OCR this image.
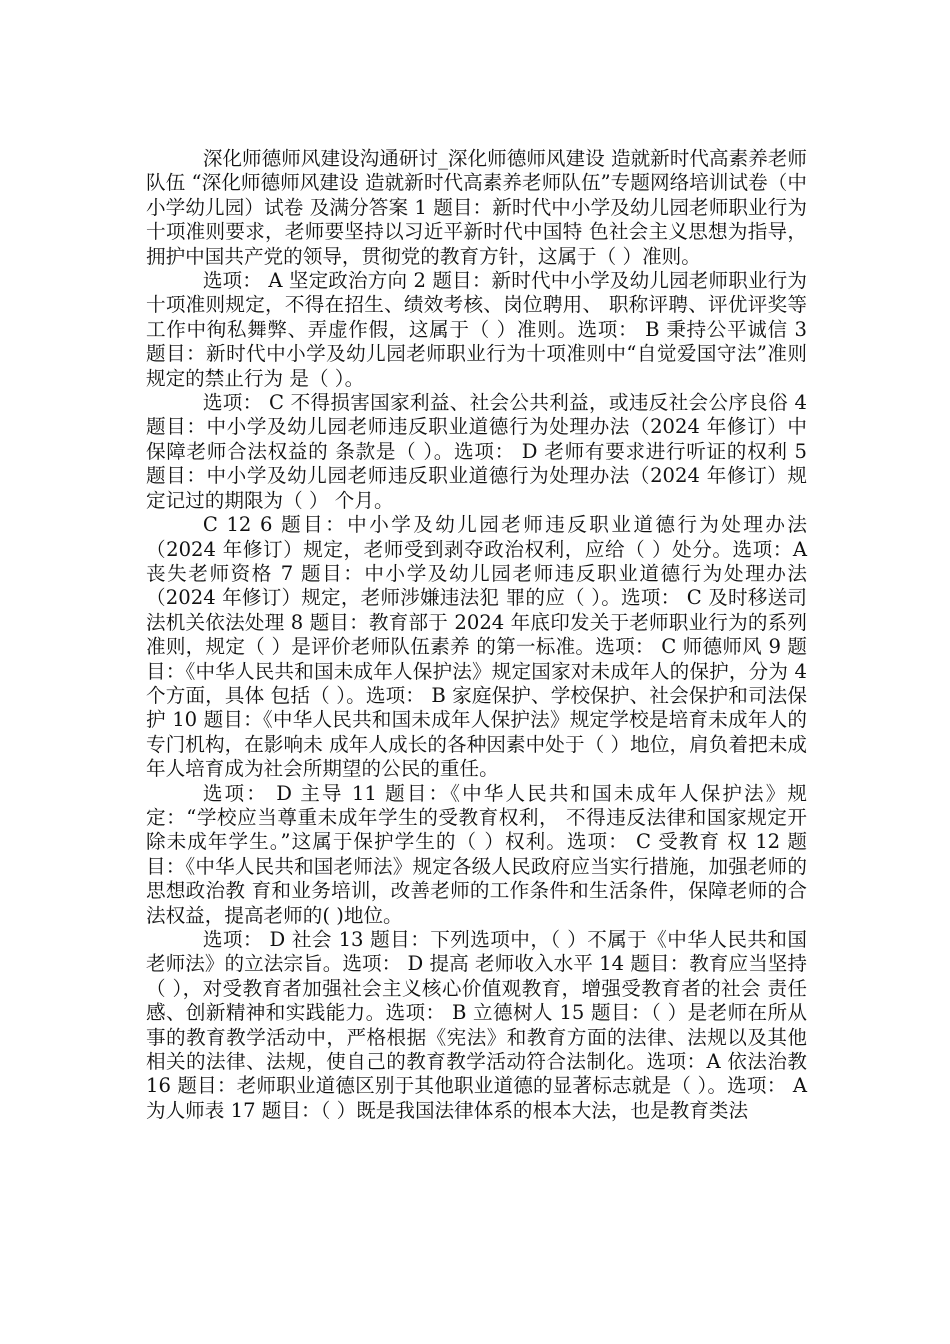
深化师德师风建设沟通研讨_深化师德师风建设 造就新时代高素养老师队伍 “深化师德师风建设 造就新时代高素养老师队伍”专题网络培训试卷（中小学幼儿园）试卷 及满分答案 1 题目：新时代中小学及幼儿园老师职业行为十项准则要求，老师要坚持以习近平新时代中国特 色社会主义思想为指导，拥护中国共产党的领导，贯彻党的教育方针，这属于（ ）准则。

选项： A 坚定政治方向 2 题目：新时代中小学及幼儿园老师职业行为十项准则规定，不得在招生、绩效考核、岗位聘用、 职称评聘、评优评奖等工作中徇私舞弊、弄虚作假，这属于（ ）准则。选项： B 秉持公平诚信 3 题目：新时代中小学及幼儿园老师职业行为十项准则中“自觉爱国守法”准则规定的禁止行为 是（ ）。

选项： C 不得损害国家利益、社会公共利益，或违反社会公序良俗 4 题目：中小学及幼儿园老师违反职业道德行为处理办法（2024 年修订）中保障老师合法权益的 条款是（ ）。选项： D 老师有要求进行听证的权利 5 题目：中小学及幼儿园老师违反职业道德行为处理办法（2024 年修订）规定记过的期限为（ ） 个月。

C 12 6 题目：中小学及幼儿园老师违反职业道德行为处理办法（2024 年修订）规定，老师受到剥夺政治权利，应给（ ）处分。选项：A 丧失老师资格 7 题目：中小学及幼儿园老师违反职业道德行为处理办法（2024 年修订）规定，老师涉嫌违法犯 罪的应（ ）。选项： C 及时移送司法机关依法处理 8 题目：教育部于 2024 年底印发关于老师职业行为的系列准则，规定（ ）是评价老师队伍素养 的第一标准。选项： C 师德师风 9 题目：《中华人民共和国未成年人保护法》规定国家对未成年人的保护，分为 4 个方面，具体 包括（ ）。选项： B 家庭保护、学校保护、社会保护和司法保护 10 题目：《中华人民共和国未成年人保护法》规定学校是培育未成年人的专门机构，在影响未 成年人成长的各种因素中处于（ ）地位，肩负着把未成年人培育成为社会所期望的公民的重任。

选项： D 主导 11 题目：《中华人民共和国未成年人保护法》规定：“学校应当尊重未成年学生的受教育权利， 不得违反法律和国家规定开除未成年学生。”这属于保护学生的（ ）权利。选项： C 受教育 权 12 题目：《中华人民共和国老师法》规定各级人民政府应当实行措施，加强老师的思想政治教 育和业务培训，改善老师的工作条件和生活条件，保障老师的合法权益，提高老师的( )地位。

选项： D 社会 13 题目：下列选项中，（ ）不属于《中华人民共和国老师法》的立法宗旨。选项： D 提高 老师收入水平 14 题目：教育应当坚持（ ），对受教育者加强社会主义核心价值观教育，增强受教育者的社会 责任感、创新精神和实践能力。选项： B 立德树人 15 题目：（ ）是老师在所从事的教育教学活动中，严格根据《宪法》和教育方面的法律、法规以及其他相关的法律、法规，使自己的教育教学活动符合法制化。选项：A 依法治教 16 题目：老师职业道德区别于其他职业道德的显著标志就是（ ）。选项： A 为人师表 17 题目：（ ）既是我国法律体系的根本大法，也是教育类法
